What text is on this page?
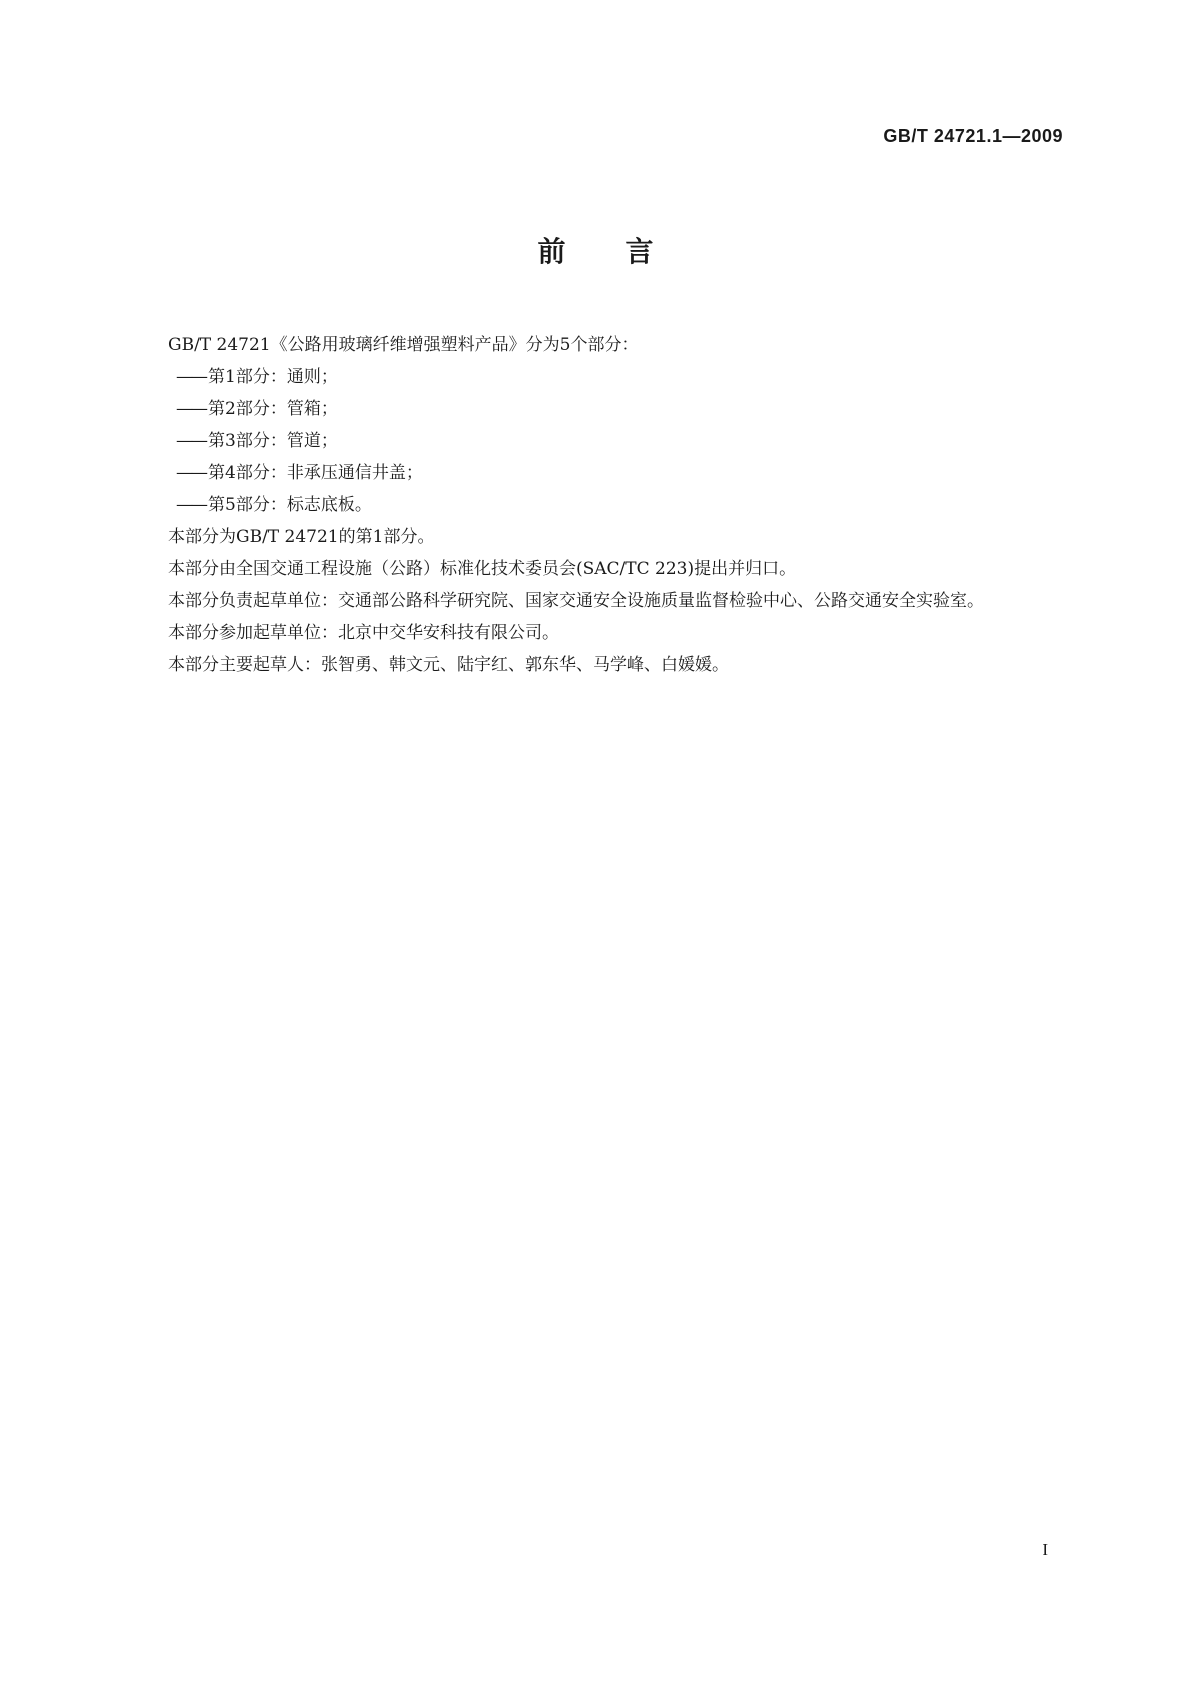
GB/T 24721.1—2009
前言

GB/T 24721《公路用玻璃纤维增强塑料产品》分为5个部分：

—— 第1部分：通则；

—— 第2部分：管箱；

—— 第3部分：管道；

—— 第4部分：非承压通信井盖；

—— 第5部分：标志底板。

本部分为GB/T 24721的第1部分。

本部分由全国交通工程设施（公路）标准化技术委员会(SAC/TC 223)提出并归口。

本部分负责起草单位：交通部公路科学研究院、国家交通安全设施质量监督检验中心、公路交通安全实验室。

本部分参加起草单位：北京中交华安科技有限公司。

本部分主要起草人：张智勇、韩文元、陆宇红、郭东华、马学峰、白媛媛。

I
